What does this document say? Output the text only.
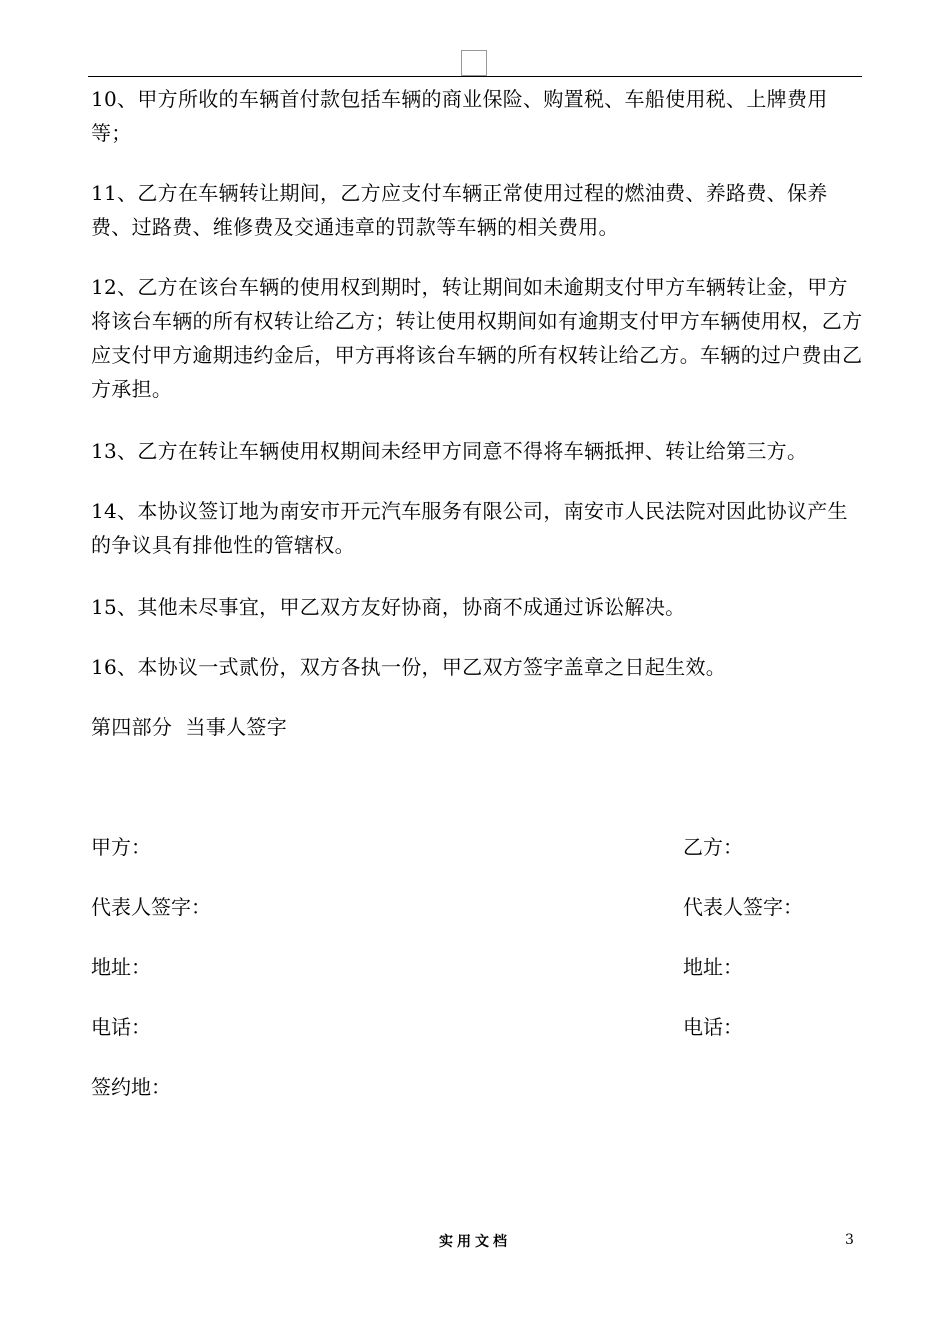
10、甲方所收的车辆首付款包括车辆的商业保险、购置税、车船使用税、上牌费用等；
11、乙方在车辆转让期间，乙方应支付车辆正常使用过程的燃油费、养路费、保养费、过路费、维修费及交通违章的罚款等车辆的相关费用。
12、乙方在该台车辆的使用权到期时，转让期间如未逾期支付甲方车辆转让金，甲方将该台车辆的所有权转让给乙方；转让使用权期间如有逾期支付甲方车辆使用权，乙方应支付甲方逾期违约金后，甲方再将该台车辆的所有权转让给乙方。车辆的过户费由乙方承担。
13、乙方在转让车辆使用权期间未经甲方同意不得将车辆抵押、转让给第三方。
14、本协议签订地为南安市开元汽车服务有限公司，南安市人民法院对因此协议产生的争议具有排他性的管辖权。
15、其他未尽事宜，甲乙双方友好协商，协商不成通过诉讼解决。
16、本协议一式贰份，双方各执一份，甲乙双方签字盖章之日起生效。
第四部分  当事人签字
甲方：	乙方：
代表人签字：	代表人签字：
地址：	地址：
电话：	电话：
签约地：
实用文档	3
